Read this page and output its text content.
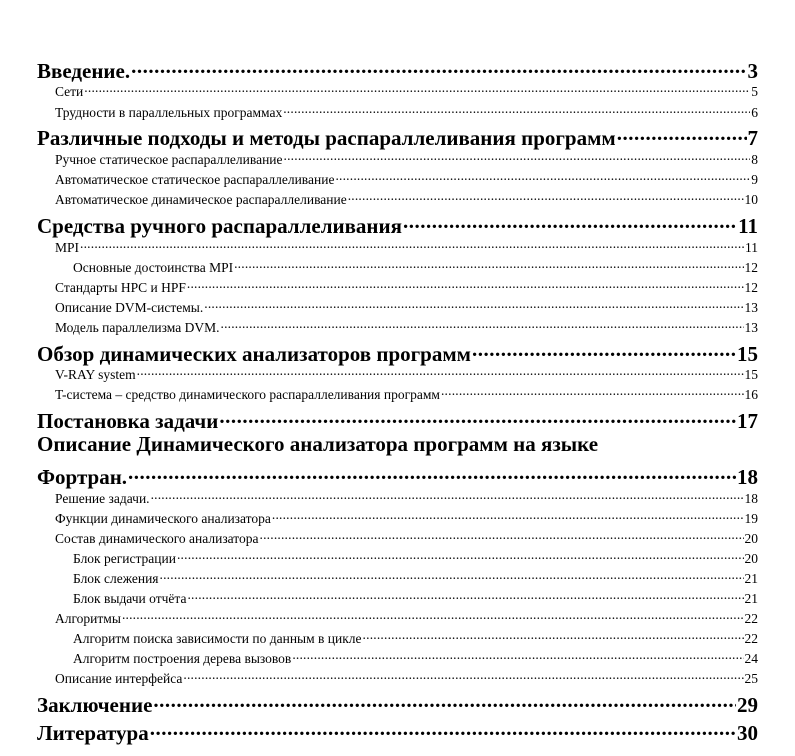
Введение. .....	3
Сети .....	5
Трудности в параллельных программах .....	6
Различные подходы и методы распараллеливания программ .....	7
Ручное статическое распараллеливание .....	8
Автоматическое статическое распараллеливание .....	9
Автоматическое динамическое распараллеливание .....	10
Средства ручного распараллеливания .....	11
MPI .....	11
Основные достоинства MPI .....	12
Стандарты HPC и HPF .....	12
Описание DVM-системы. .....	13
Модель параллелизма DVM. .....	13
Обзор динамических анализаторов программ .....	15
V-RAY system .....	15
T-система – средство динамического распараллеливания программ .....	16
Постановка задачи .....	17
Описание Динамического анализатора программ на языке
Фортран. .....	18
Решение задачи. .....	18
Функции динамического анализатора .....	19
Состав динамического анализатора .....	20
Блок регистрации .....	20
Блок слежения .....	21
Блок выдачи отчёта .....	21
Алгоритмы .....	22
Алгоритм поиска зависимости по данным в цикле .....	22
Алгоритм построения дерева вызовов .....	24
Описание интерфейса .....	25
Заключение .....	29
Литература .....	30
